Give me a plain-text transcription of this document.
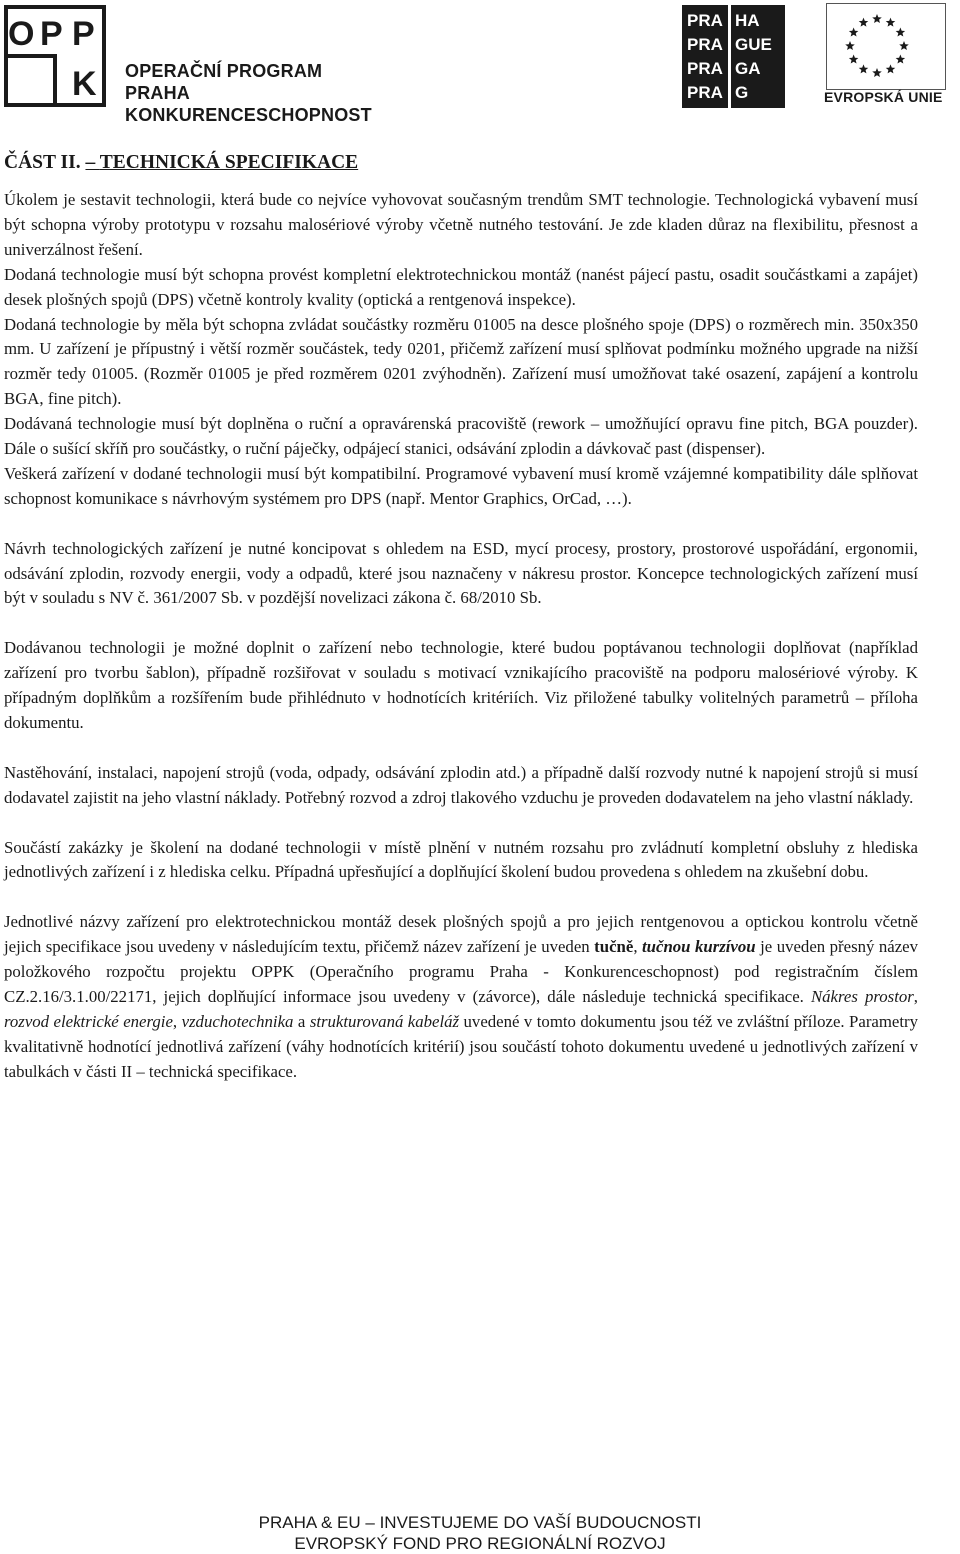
O P P
K OPERAČNÍ PROGRAM PRAHA
KONKURENCESCHOPNOST
PRA HA
PRA GUE
PRA GA
PRA G	EVROPSKÁ UNIE
ČÁST II. – TECHNICKÁ SPECIFIKACE

Úkolem je sestavit technologii, která bude co nejvíce vyhovovat současným trendům SMT technologie. Technologická vybavení musí být schopna výroby prototypu v rozsahu malosériové výroby včetně nutného testování. Je zde kladen důraz na flexibilitu, přesnost a univerzálnost řešení.

Dodaná technologie musí být schopna provést kompletní elektrotechnickou montáž (nanést pájecí pastu, osadit součástkami a zapájet) desek plošných spojů (DPS) včetně kontroly kvality (optická a rentgenová inspekce).

Dodaná technologie by měla být schopna zvládat součástky rozměru 01005 na desce plošného spoje (DPS) o rozměrech min. 350x350 mm. U zařízení je přípustný i větší rozměr součástek, tedy 0201, přičemž zařízení musí splňovat podmínku možného upgrade na nižší rozměr tedy 01005. (Rozměr 01005 je před rozměrem 0201 zvýhodněn). Zařízení musí umožňovat také osazení, zapájení a kontrolu BGA, fine pitch).

Dodávaná technologie musí být doplněna o ruční a opravárenská pracoviště (rework – umožňující opravu fine pitch, BGA pouzder). Dále o sušící skříň pro součástky, o ruční páječky, odpájecí stanici, odsávání zplodin a dávkovač past (dispenser).

Veškerá zařízení v dodané technologii musí být kompatibilní. Programové vybavení musí kromě vzájemné kompatibility dále splňovat schopnost komunikace s návrhovým systémem pro DPS (např. Mentor Graphics, OrCad, …).

Návrh technologických zařízení je nutné koncipovat s ohledem na ESD, mycí procesy, prostory, prostorové uspořádání, ergonomii, odsávání zplodin, rozvody energii, vody a odpadů, které jsou naznačeny v nákresu prostor. Koncepce technologických zařízení musí být v souladu s NV č. 361/2007 Sb. v pozdější novelizaci zákona č. 68/2010 Sb.

Dodávanou technologii je možné doplnit o zařízení nebo technologie, které budou poptávanou technologii doplňovat (například zařízení pro tvorbu šablon), případně rozšiřovat v souladu s motivací vznikajícího pracoviště na podporu malosériové výroby. K případným doplňkům a rozšířením bude přihlédnuto v hodnotících kritériích. Viz přiložené tabulky volitelných parametrů – příloha dokumentu.

Nastěhování, instalaci, napojení strojů (voda, odpady, odsávání zplodin atd.) a případně další rozvody nutné k napojení strojů si musí dodavatel zajistit na jeho vlastní náklady. Potřebný rozvod a zdroj tlakového vzduchu je proveden dodavatelem na jeho vlastní náklady.

Součástí zakázky je školení na dodané technologii v místě plnění v nutném rozsahu pro zvládnutí kompletní obsluhy z hlediska jednotlivých zařízení i z hlediska celku. Případná upřesňující a doplňující školení budou provedena s ohledem na zkušební dobu.

Jednotlivé názvy zařízení pro elektrotechnickou montáž desek plošných spojů a pro jejich rentgenovou a optickou kontrolu včetně jejich specifikace jsou uvedeny v následujícím textu, přičemž název zařízení je uveden tučně, tučnou kurzívou je uveden přesný název položkového rozpočtu projektu OPPK (Operačního programu Praha - Konkurenceschopnost) pod registračním číslem CZ.2.16/3.1.00/22171, jejich doplňující informace jsou uvedeny v (závorce), dále následuje technická specifikace. Nákres prostor, rozvod elektrické energie, vzduchotechnika a strukturovaná kabeláž uvedené v tomto dokumentu jsou též ve zvláštní příloze. Parametry kvalitativně hodnotící jednotlivá zařízení (váhy hodnotících kritérií) jsou součástí tohoto dokumentu uvedené u jednotlivých zařízení v tabulkách v části II – technická specifikace.

PRAHA & EU – INVESTUJEME DO VAŠÍ BUDOUCNOSTI
EVROPSKÝ FOND PRO REGIONÁLNÍ ROZVOJ
